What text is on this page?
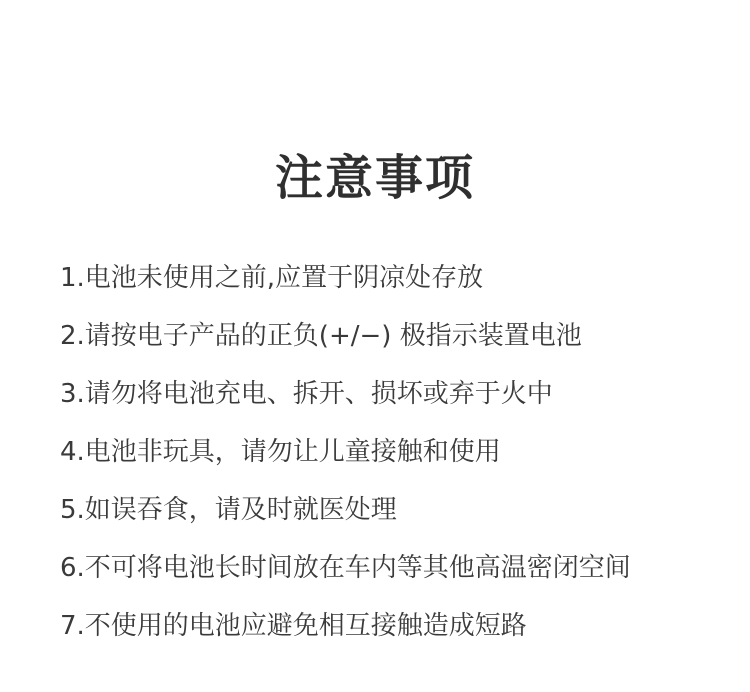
注意事项
1.电池未使用之前,应置于阴凉处存放
2.请按电子产品的正负(+/−) 极指示装置电池
3.请勿将电池充电、拆开、损坏或弃于火中
4.电池非玩具，请勿让儿童接触和使用
5.如误吞食，请及时就医处理
6.不可将电池长时间放在车内等其他高温密闭空间
7.不使用的电池应避免相互接触造成短路
